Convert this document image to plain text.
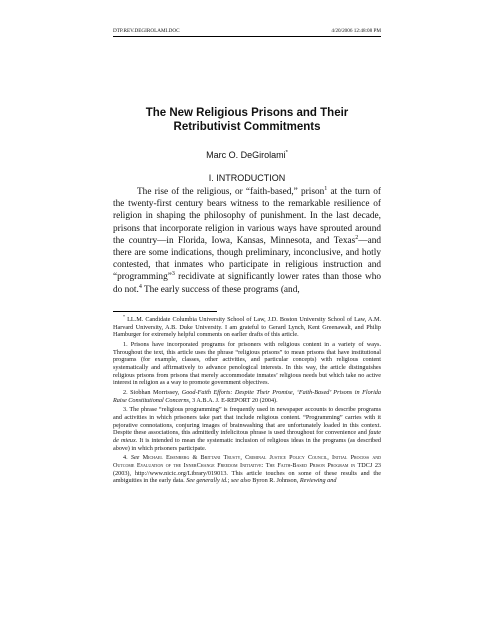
DTP.REV.DEGIROLAMI.DOC	4/20/2006 12:48:08 PM
The New Religious Prisons and Their
Retributivist Commitments
Marc O. DeGirolami*
I. INTRODUCTION

The rise of the religious, or “faith-based,” prison$^1$ at the turn of the twenty-first century bears witness to the remarkable resilience of religion in shaping the philosophy of punishment. In the last decade, prisons that incorporate religion in various ways have sprouted around the country—in Florida, Iowa, Kansas, Minnesota, and Texas$^2$—and there are some indications, though preliminary, inconclusive, and hotly contested, that inmates who participate in religious instruction and “programming”$^3$ recidivate at significantly lower rates than those who do not.$^4$ The early success of these programs (and,

* LL.M. Candidate Columbia University School of Law, J.D. Boston University School of Law, A.M. Harvard University, A.B. Duke University. I am grateful to Gerard Lynch, Kent Greenawalt, and Philip Hamburger for extremely helpful comments on earlier drafts of this article.

1. Prisons have incorporated programs for prisoners with religious content in a variety of ways. Throughout the text, this article uses the phrase “religious prisons” to mean prisons that have institutional programs (for example, classes, other activities, and particular concepts) with religious content systematically and affirmatively to advance penological interests. In this way, the article distinguishes religious prisons from prisons that merely accommodate inmates’ religious needs but which take no active interest in religion as a way to promote government objectives.

2. Siobhan Morrissey, Good-Faith Efforts: Despite Their Promise, ‘Faith-Based’ Prisons in Florida Raise Constitutional Concerns, 3 A.B.A. J. E-REPORT 20 (2004).

3. The phrase “religious programming” is frequently used in newspaper accounts to describe programs and activities in which prisoners take part that include religious content. “Programming” carries with it pejorative connotations, conjuring images of brainwashing that are unfortunately loaded in this context. Despite these associations, this admittedly infelicitous phrase is used throughout for convenience and faute de mieux. It is intended to mean the systematic inclusion of religious ideas in the programs (as described above) in which prisoners participate.

4. See Michael Eisenberg & Brittani Trusty, Criminal Justice Policy Council, Initial Process and Outcome Evaluation of the InnerChange Freedom Initiative: The Faith-Based Prison Program in TDCJ 23 (2003), http://www.nicic.org/Library/019013. This article touches on some of these results and the ambiguities in the early data. See generally id.; see also Byron R. Johnson, Reviewing and
